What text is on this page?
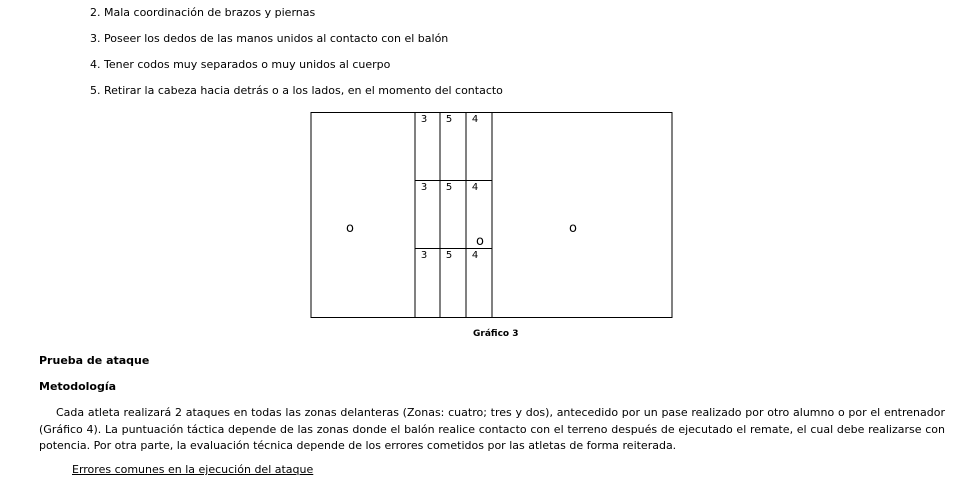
2. Mala coordinación de brazos y piernas
3. Poseer los dedos de las manos unidos al contacto con el balón
4. Tener codos muy separados o muy unidos al cuerpo
5. Retirar la cabeza hacia detrás o a los lados, en el momento del contacto
3 5 4
3 5 4
3 5 4
o	o
o
Gráfico 3
Prueba de ataque
Metodología
Cada atleta realizará 2 ataques en todas las zonas delanteras (Zonas: cuatro; tres y dos), antecedido por un pase realizado por otro alumno o por el entrenador (Gráfico 4). La puntuación táctica depende de las zonas donde el balón realice contacto con el terreno después de ejecutado el remate, el cual debe realizarse con potencia. Por otra parte, la evaluación técnica depende de los errores cometidos por las atletas de forma reiterada.
Errores comunes en la ejecución del ataque
